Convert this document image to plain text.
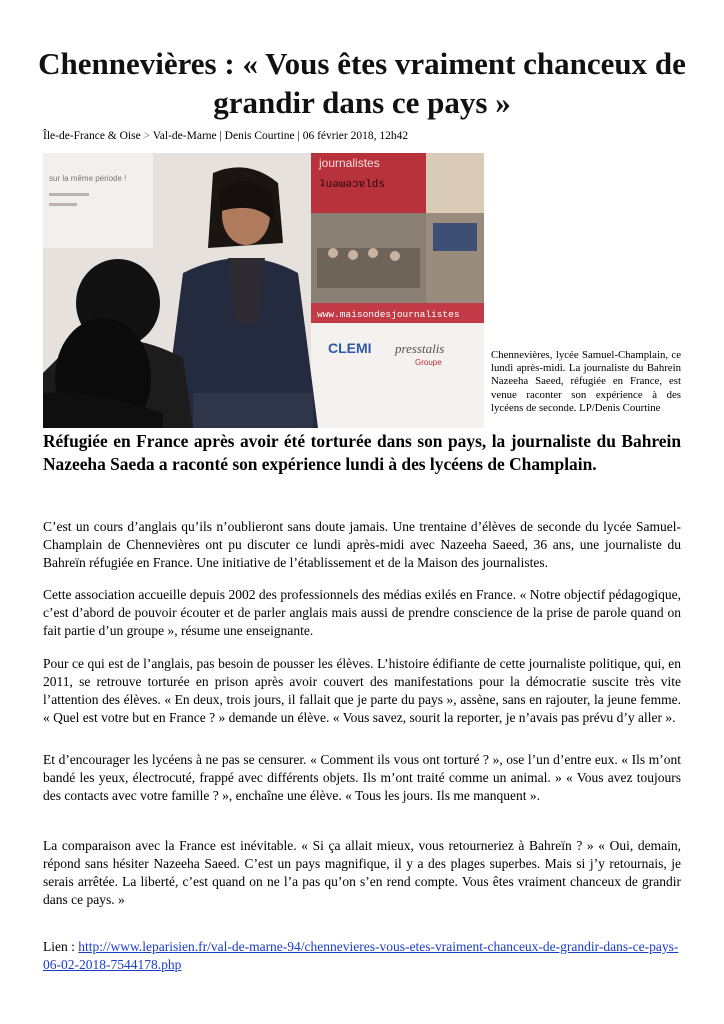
Chennevières : « Vous êtes vraiment chanceux de grandir dans ce pays »
Île-de-France & Oise > Val-de-Marne | Denis Courtine | 06 février 2018, 12h42
sur la même période !
journalistes
ʇuǝɯǝɔɐlds
www.maisondesjournalistes
CLEMI presstalis
Groupe
Chennevières, lycée Samuel-Champlain, ce lundi après-midi. La journaliste du Bahrein Nazeeha Saeed, réfugiée en France, est venue raconter son expérience à des lycéens de seconde. LP/Denis Courtine

Réfugiée en France après avoir été torturée dans son pays, la journaliste du Bahrein Nazeeha Saeda a raconté son expérience lundi à des lycéens de Champlain.

C’est un cours d’anglais qu’ils n’oublieront sans doute jamais. Une trentaine d’élèves de seconde du lycée Samuel-Champlain de Chennevières ont pu discuter ce lundi après-midi avec Nazeeha Saeed, 36 ans, une journaliste du Bahreïn réfugiée en France. Une initiative de l’établissement et de la Maison des journalistes.

Cette association accueille depuis 2002 des professionnels des médias exilés en France. « Notre objectif pédagogique, c’est d’abord de pouvoir écouter et de parler anglais mais aussi de prendre conscience de la prise de parole quand on fait partie d’un groupe », résume une enseignante.

Pour ce qui est de l’anglais, pas besoin de pousser les élèves. L’histoire édifiante de cette journaliste politique, qui, en 2011, se retrouve torturée en prison après avoir couvert des manifestations pour la démocratie suscite très vite l’attention des élèves. « En deux, trois jours, il fallait que je parte du pays », assène, sans en rajouter, la jeune femme. « Quel est votre but en France ? » demande un élève. « Vous savez, sourit la reporter, je n’avais pas prévu d’y aller ».

Et d’encourager les lycéens à ne pas se censurer. « Comment ils vous ont torturé ? », ose l’un d’entre eux. « Ils m’ont bandé les yeux, électrocuté, frappé avec différents objets. Ils m’ont traité comme un animal. » « Vous avez toujours des contacts avec votre famille ? », enchaîne une élève. « Tous les jours. Ils me manquent ».

La comparaison avec la France est inévitable. « Si ça allait mieux, vous retourneriez à Bahreïn ? » « Oui, demain, répond sans hésiter Nazeeha Saeed. C’est un pays magnifique, il y a des plages superbes. Mais si j’y retournais, je serais arrêtée. La liberté, c’est quand on ne l’a pas qu’on s’en rend compte. Vous êtes vraiment chanceux de grandir dans ce pays. »

Lien : http://www.leparisien.fr/val-de-marne-94/chennevieres-vous-etes-vraiment-chanceux-de-grandir-dans-ce-pays-06-02-2018-7544178.php
